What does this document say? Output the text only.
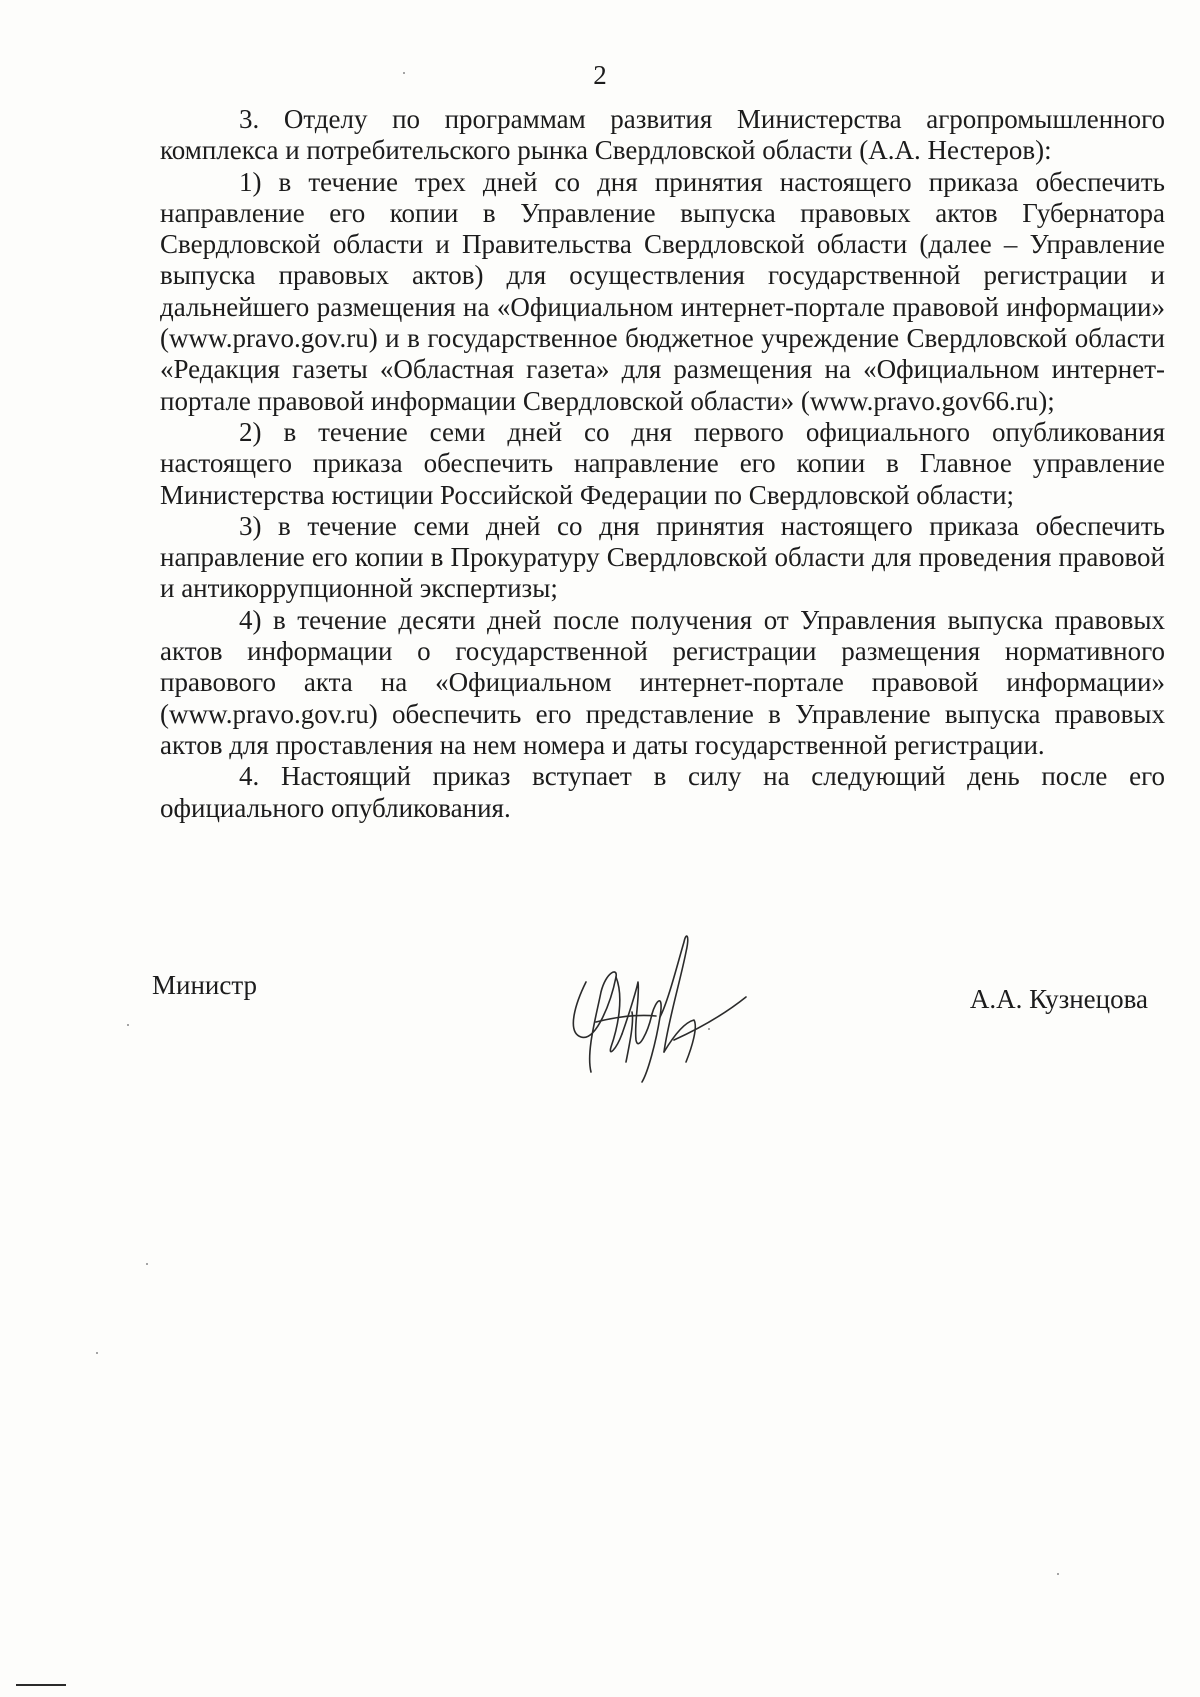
2

3. Отделу по программам развития Министерства агропромышленного комплекса и потребительского рынка Свердловской области (А.А. Нестеров):

1) в течение трех дней со дня принятия настоящего приказа обеспечить направление его копии в Управление выпуска правовых актов Губернатора Свердловской области и Правительства Свердловской области (далее – Управление выпуска правовых актов) для осуществления государственной регистрации и дальнейшего размещения на «Официальном интернет-портале правовой информации» (www.pravo.gov.ru) и в государственное бюджетное учреждение Свердловской области «Редакция газеты «Областная газета» для размещения на «Официальном интернет-портале правовой информации Свердловской области» (www.pravo.gov66.ru);

2) в течение семи дней со дня первого официального опубликования настоящего приказа обеспечить направление его копии в Главное управление Министерства юстиции Российской Федерации по Свердловской области;

3) в течение семи дней со дня принятия настоящего приказа обеспечить направление его копии в Прокуратуру Свердловской области для проведения правовой и антикоррупционной экспертизы;

4) в течение десяти дней после получения от Управления выпуска правовых актов информации о государственной регистрации размещения нормативного правового акта на «Официальном интернет-портале правовой информации» (www.pravo.gov.ru) обеспечить его представление в Управление выпуска правовых актов для проставления на нем номера и даты государственной регистрации.

4. Настоящий приказ вступает в силу на следующий день после его официального опубликования.

Министр	А.А. Кузнецова
